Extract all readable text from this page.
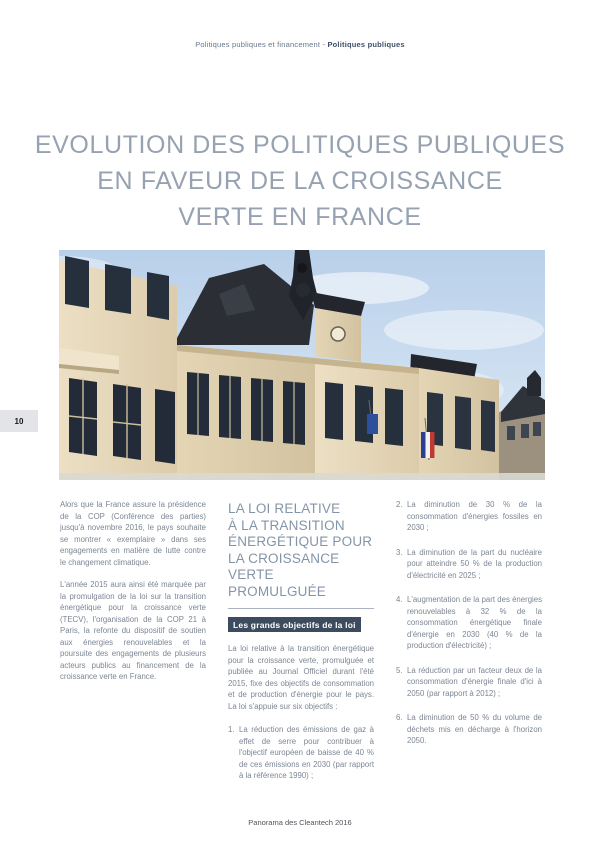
Politiques publiques et financement - Politiques publiques
10
EVOLUTION DES POLITIQUES PUBLIQUES
EN FAVEUR DE LA CROISSANCE
VERTE EN FRANCE

Alors que la France assure la présidence de la COP (Conférence des parties) jusqu'à novembre 2016, le pays souhaite se montrer « exemplaire » dans ses engagements en matière de lutte contre le changement climatique.

L'année 2015 aura ainsi été marquée par la promulgation de la loi sur la transition énergétique pour la croissance verte (TECV), l'organisation de la COP 21 à Paris, la refonte du dispositif de soutien aux énergies renouvelables et la poursuite des engagements de plusieurs acteurs publics au financement de la croissance verte en France.

LA LOI RELATIVE
À LA TRANSITION
ÉNERGÉTIQUE POUR
LA CROISSANCE VERTE
PROMULGUÉE
Les grands objectifs de la loi

La loi relative à la transition énergétique pour la croissance verte, promulguée et publiée au Journal Officiel durant l'été 2015, fixe des objectifs de consommation et de production d'énergie pour le pays. La loi s'appuie sur six objectifs :

1. La réduction des émissions de gaz à effet de serre pour contribuer à l'objectif européen de baisse de 40 % de ces émissions en 2030 (par rapport à la référence 1990) ;
2. La diminution de 30 % de la consommation d'énergies fossiles en 2030 ;
3. La diminution de la part du nucléaire pour atteindre 50 % de la production d'électricité en 2025 ;
4. L'augmentation de la part des énergies renouvelables à 32 % de la consommation énergétique finale d'énergie en 2030 (40 % de la production d'électricité) ;
5. La réduction par un facteur deux de la consommation d'énergie finale d'ici à 2050 (par rapport à 2012) ;
6. La diminution de 50 % du volume de déchets mis en décharge à l'horizon 2050.
Panorama des Cleantech 2016
